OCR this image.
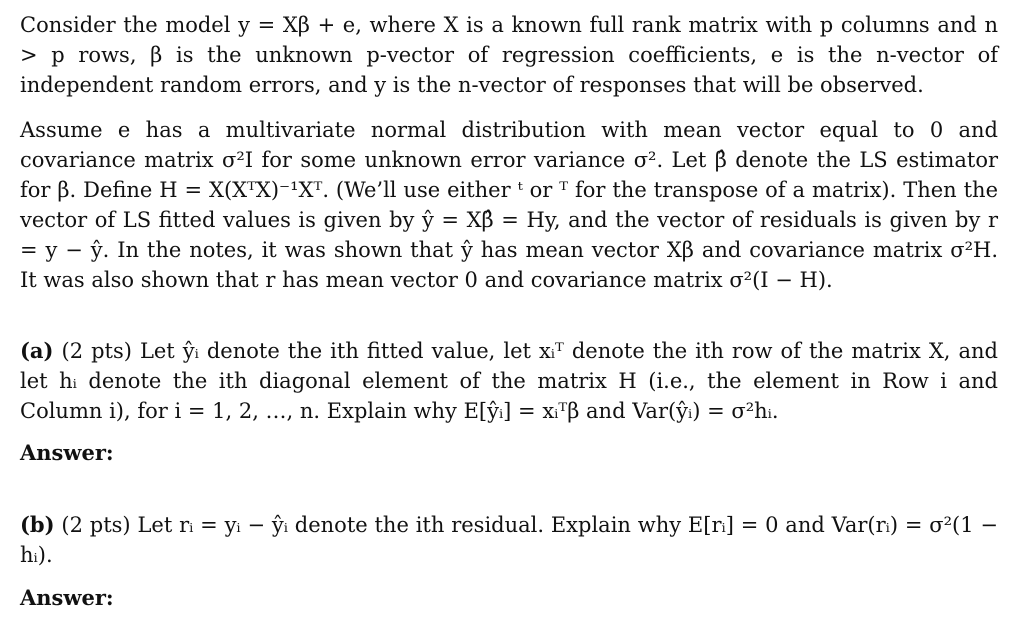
Consider the model y = Xβ + e, where X is a known full rank matrix with p columns and n > p rows, β is the unknown p-vector of regression coefficients, e is the n-vector of independent random errors, and y is the n-vector of responses that will be observed.
Assume e has a multivariate normal distribution with mean vector equal to 0 and covariance matrix σ²I for some unknown error variance σ². Let β̂ denote the LS estimator for β. Define H = X(XᵀX)⁻¹Xᵀ. (We’ll use either ᵗ or ᵀ for the transpose of a matrix). Then the vector of LS fitted values is given by ŷ = Xβ̂ = Hy, and the vector of residuals is given by r = y − ŷ. In the notes, it was shown that ŷ has mean vector Xβ and covariance matrix σ²H. It was also shown that r has mean vector 0 and covariance matrix σ²(I − H).
(a) (2 pts) Let ŷᵢ denote the ith fitted value, let xᵢᵀ denote the ith row of the matrix X, and let hᵢ denote the ith diagonal element of the matrix H (i.e., the element in Row i and Column i), for i = 1, 2, …, n. Explain why E[ŷᵢ] = xᵢᵀβ and Var(ŷᵢ) = σ²hᵢ.
Answer:
(b) (2 pts) Let rᵢ = yᵢ − ŷᵢ denote the ith residual. Explain why E[rᵢ] = 0 and Var(rᵢ) = σ²(1 − hᵢ).
Answer:
